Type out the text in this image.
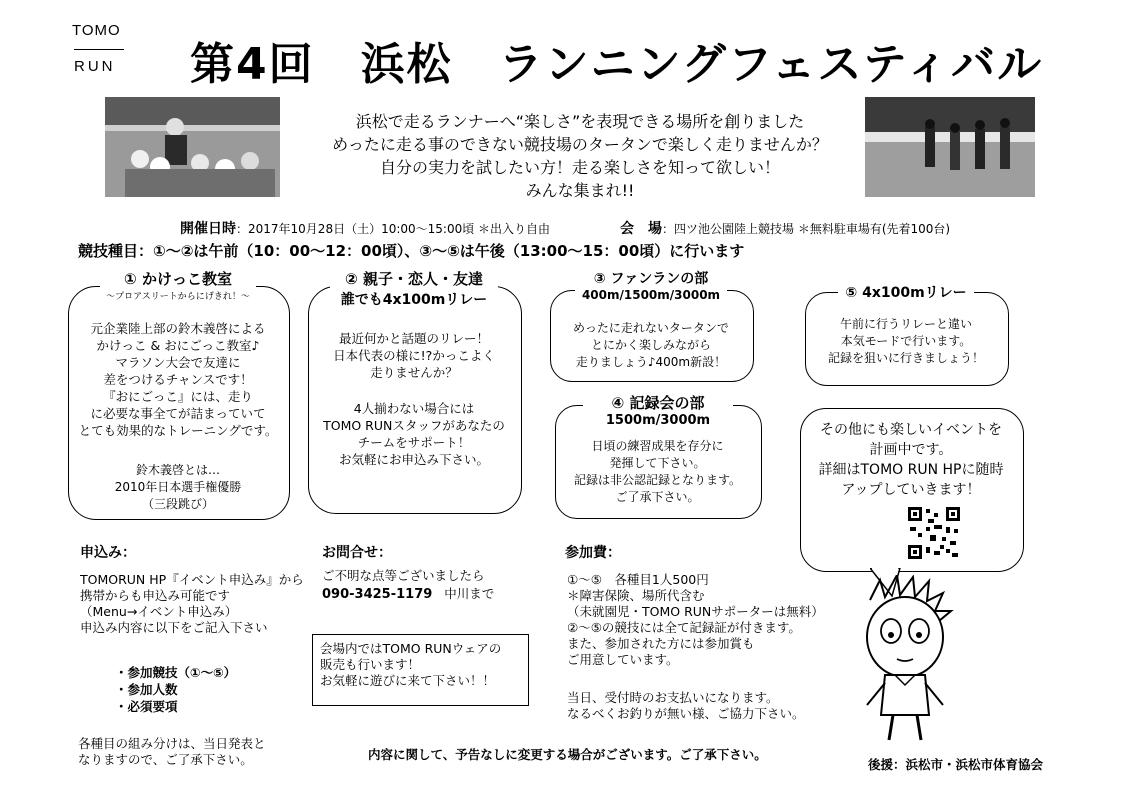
TOMO
RUN 第4回　浜松　ランニングフェスティバル
浜松で走るランナーへ“楽しさ”を表現できる場所を創りました
めったに走る事のできない競技場のタータンで楽しく走りませんか？
自分の実力を試したい方！走る楽しさを知って欲しい！
みんな集まれ!!
開催日時：2017年10月28日（土）10:00～15:00頃 ＊出入り自由	会　場：四ツ池公園陸上競技場 ＊無料駐車場有(先着100台)
競技種目：①～②は午前（10：00～12：00頃）、③～⑤は午後（13:00～15：00頃）に行います
① かけっこ教室
～プロアスリートからにげきれ！～
元企業陸上部の鈴木義啓による
かけっこ & おにごっこ教室♪
マラソン大会で友達に
差をつけるチャンスです！
『おにごっこ』には、走り
に必要な事全てが詰まっていて
とても効果的なトレーニングです。
鈴木義啓とは…
2010年日本選手権優勝
（三段跳び）
② 親子・恋人・友達
誰でも4x100mリレー
最近何かと話題のリレー！
日本代表の様に!?かっこよく
走りませんか？
4人揃わない場合には
TOMO RUNスタッフがあなたの
チームをサポート！
お気軽にお申込み下さい。
③ ファンランの部
400m/1500m/3000m
めったに走れないタータンで
とにかく楽しみながら
走りましょう♪400m新設！
④ 記録会の部
1500m/3000m
日頃の練習成果を存分に
発揮して下さい。
記録は非公認記録となります。
ご了承下さい。
⑤ 4x100mリレー
午前に行うリレーと違い
本気モードで行います。
記録を狙いに行きましょう！
その他にも楽しいイベントを
計画中です。
詳細はTOMO RUN HPに随時
アップしていきます！
申込み：
TOMORUN HP『イベント申込み』から
携帯からも申込み可能です
（Menu→イベント申込み）
申込み内容に以下をご記入下さい
・参加競技（①～⑤）
・参加人数
・必須要項
各種目の組み分けは、当日発表と
なりますので、ご了承下さい。
お問合せ：
ご不明な点等ございましたら
090-3425-1179 中川まで
会場内ではTOMO RUNウェアの
販売も行います！
お気軽に遊びに来て下さい！！
参加費：
①～⑤　各種目1人500円
＊障害保険、場所代含む
（未就園児・TOMO RUNサポーターは無料）
②～⑤の競技には全て記録証が付きます。
また、参加された方には参加賞も
ご用意しています。
当日、受付時のお支払いになります。
なるべくお釣りが無い様、ご協力下さい。
内容に関して、予告なしに変更する場合がございます。ご了承下さい。
後援：浜松市・浜松市体育協会
